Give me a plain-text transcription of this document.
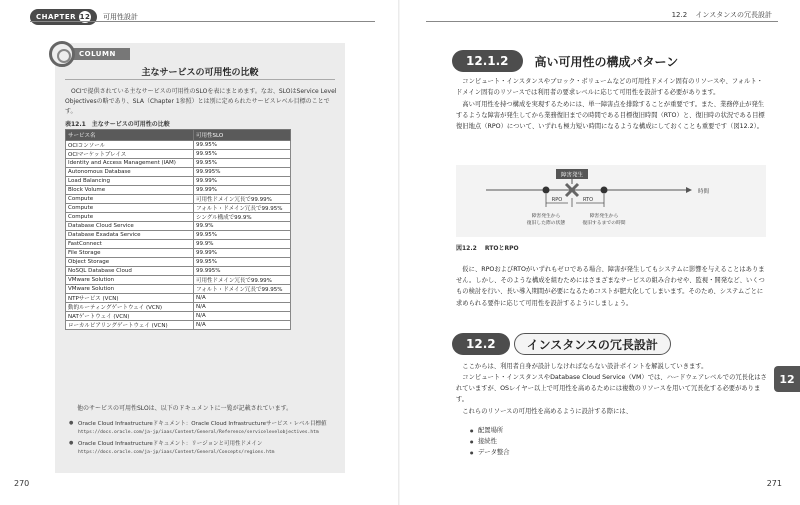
CHAPTER 12 可用性設計
COLUMN
主なサービスの可用性の比較

OCIで提供されている主なサービスの可用性のSLOを表にまとめます。なお、SLOはService Level Objectivesの略であり、SLA（Chapter 1参照）とは別に定められたサービスレベル目標のことです。

表12.1　主なサービスの可用性の比較
サービス名	可用性SLO
OCIコンソール	99.95%
OCIマーケットプレイス	99.95%
Identity and Access Management (IAM)	99.95%
Autonomous Database	99.995%
Load Balancing	99.99%
Block Volume	99.99%
Compute	可用性ドメイン冗長で99.99%
Compute	フォルト・ドメイン冗長で99.95%
Compute	シングル構成で99.9%
Database Cloud Service	99.9%
Database Exadata Service	99.95%
FastConnect	99.9%
File Storage	99.99%
Object Storage	99.95%
NoSQL Database Cloud	99.995%
VMware Solution	可用性ドメイン冗長で99.99%
VMware Solution	フォルト・ドメイン冗長で99.95%
NTPサービス (VCN)	N/A
動的ルーティングゲートウェイ (VCN)	N/A
NATゲートウェイ (VCN)	N/A
ローカルピアリングゲートウェイ (VCN)	N/A
他のサービスの可用性SLOは、以下のドキュメントに一覧が記載されています。
● Oracle Cloud Infrastructureドキュメント：Oracle Cloud Infrastructureサービス・レベル目標値
https://docs.oracle.com/ja-jp/iaas/Content/General/Reference/servicelevelobjectives.htm
● Oracle Cloud Infrastructureドキュメント：リージョンと可用性ドメイン
https://docs.oracle.com/ja-jp/iaas/Content/General/Concepts/regions.htm
270
12.2 インスタンスの冗長設計
12.1.2	高い可用性の構成パターン

コンピュート・インスタンスやブロック・ボリュームなどの可用性ドメイン固有のリソースや、フォルト・ドメイン固有のリソースでは利用者の要求レベルに応じて可用性を設計する必要があります。

高い可用性を持つ構成を実現するためには、単一障害点を排除することが重要です。また、業務停止が発生するような障害が発生してから業務復旧までの時間である目標復旧時間（RTO）と、復旧時の状況である目標復旧地点（RPO）について、いずれも極力短い時間になるような構成にしておくことも重要です（図12.2）。

時間
障害発生
RPO	RTO
障害発生から
復旧した際の状態
障害発生から
復旧するまでの時間
図12.2 RTOとRPO

仮に、RPOおよびRTOがいずれもゼロである場合、障害が発生してもシステムに影響を与えることはありません。しかし、そのような構成を組むためにはさまざまなサービスの組み合わせや、監視・開発など、いくつもの検討を行い、長い導入期間が必要になるためコストが肥大化してしまいます。そのため、システムごとに求められる要件に応じて可用性を設計するようにしましょう。

12.2	インスタンスの冗長設計

ここからは、利用者自身が設計しなければならない設計ポイントを解説していきます。

コンピュート・インスタンスやDatabase Cloud Service（VM）では、ハードウェアレベルでの冗長化はされていますが、OSレイヤー以上で可用性を高めるためには複数のリソースを用いて冗長化する必要があります。

これらのリソースの可用性を高めるように設計する際には、

● 配置場所
● 接続性
● データ整合
12
271
